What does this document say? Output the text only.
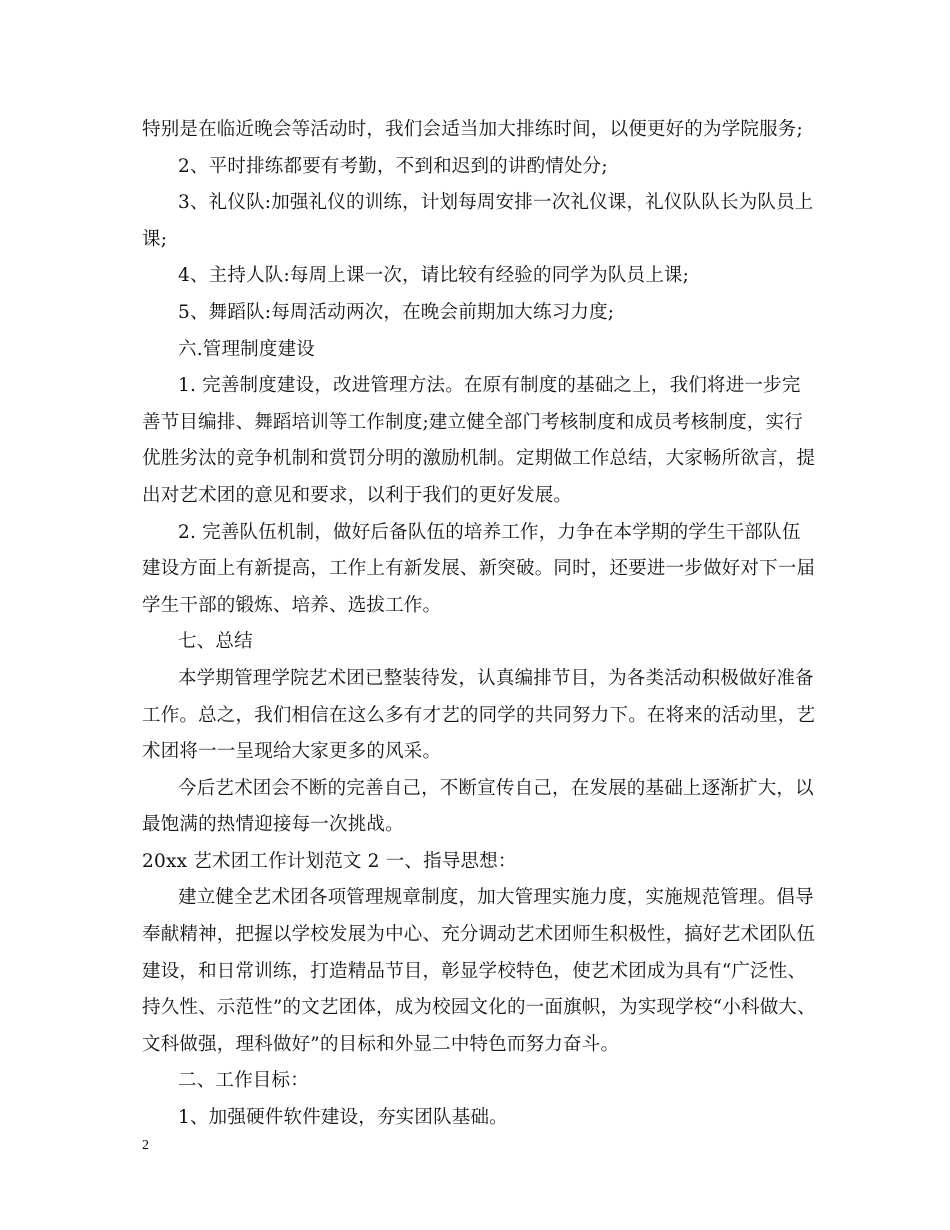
特别是在临近晚会等活动时，我们会适当加大排练时间，以便更好的为学院服务;
2、平时排练都要有考勤，不到和迟到的讲酌情处分;
3、礼仪队:加强礼仪的训练，计划每周安排一次礼仪课，礼仪队队长为队员上
课;
4、主持人队:每周上课一次，请比较有经验的同学为队员上课;
5、舞蹈队:每周活动两次，在晚会前期加大练习力度;
六.管理制度建设
1. 完善制度建设，改进管理方法。在原有制度的基础之上，我们将进一步完
善节目编排、舞蹈培训等工作制度;建立健全部门考核制度和成员考核制度，实行
优胜劣汰的竞争机制和赏罚分明的激励机制。定期做工作总结，大家畅所欲言，提
出对艺术团的意见和要求，以利于我们的更好发展。
2. 完善队伍机制，做好后备队伍的培养工作，力争在本学期的学生干部队伍
建设方面上有新提高，工作上有新发展、新突破。同时，还要进一步做好对下一届
学生干部的锻炼、培养、选拔工作。
七、总结
本学期管理学院艺术团已整装待发，认真编排节目，为各类活动积极做好准备
工作。总之，我们相信在这么多有才艺的同学的共同努力下。在将来的活动里，艺
术团将一一呈现给大家更多的风采。
今后艺术团会不断的完善自己，不断宣传自己，在发展的基础上逐渐扩大，以
最饱满的热情迎接每一次挑战。
20xx 艺术团工作计划范文 2 一、指导思想：
建立健全艺术团各项管理规章制度，加大管理实施力度，实施规范管理。倡导
奉献精神，把握以学校发展为中心、充分调动艺术团师生积极性，搞好艺术团队伍
建设，和日常训练，打造精品节目，彰显学校特色，使艺术团成为具有“广泛性、
持久性、示范性”的文艺团体，成为校园文化的一面旗帜，为实现学校“小科做大、
文科做强，理科做好”的目标和外显二中特色而努力奋斗。
二、工作目标：
1、加强硬件软件建设，夯实团队基础。
2
